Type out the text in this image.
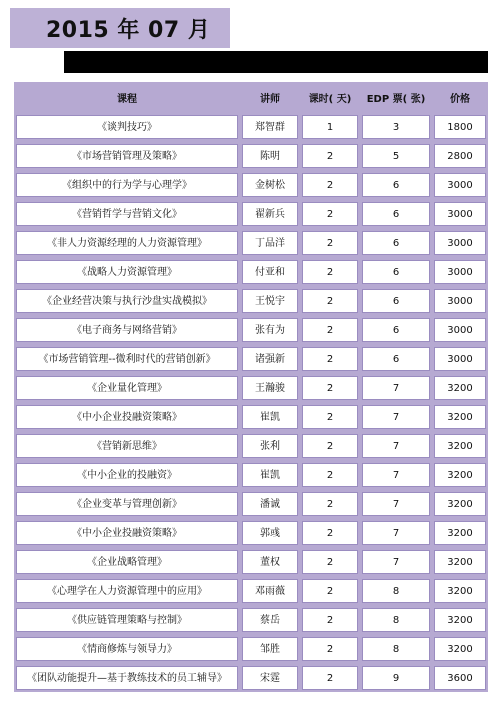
2015 年 07 月
课程	讲师	课时( 天)	EDP 票( 张)	价格

《谈判技巧》	郑智群	1	3	1800

《市场营销管理及策略》	陈明	2	5	2800

《组织中的行为学与心理学》	金树松	2	6	3000

《营销哲学与营销文化》	翟新兵	2	6	3000

《非人力资源经理的人力资源管理》	丁品洋	2	6	3000

《战略人力资源管理》	付亚和	2	6	3000

《企业经营决策与执行沙盘实战模拟》	王悦宇	2	6	3000

《电子商务与网络营销》	张有为	2	6	3000

《市场营销管理--微利时代的营销创新》	诸强新	2	6	3000

《企业量化管理》	王瀚骏	2	7	3200

《中小企业投融资策略》	崔凯	2	7	3200

《营销新思维》	张利	2	7	3200

《中小企业的投融资》	崔凯	2	7	3200

《企业变革与管理创新》	潘诚	2	7	3200

《中小企业投融资策略》	郭彧	2	7	3200

《企业战略管理》	董权	2	7	3200

《心理学在人力资源管理中的应用》	邓雨薇	2	8	3200

《供应链管理策略与控制》	蔡岳	2	8	3200

《情商修炼与领导力》	邹胜	2	8	3200

《团队动能提升—基于教练技术的员工辅导》	宋霆	2	9	3600
